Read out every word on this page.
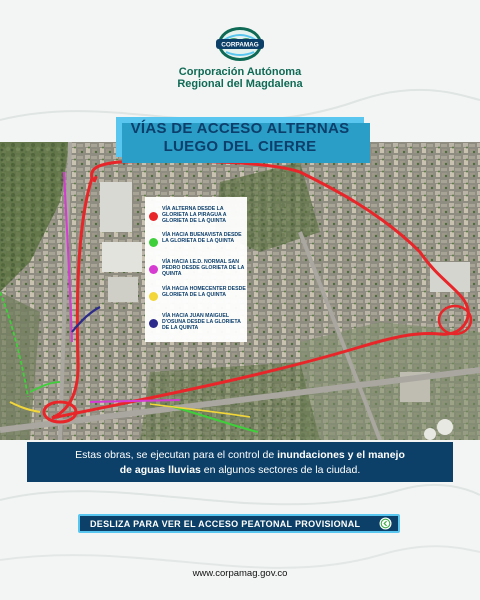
CORPAMAG
Corporación Autónoma
Regional del Magdalena
VÍAS DE ACCESO ALTERNAS
LUEGO DEL CIERRE
VÍA ALTERNA DESDE LA GLORIETA LA PIRAGUA A GLORIETA DE LA QUINTA
VÍA HACIA BUENAVISTA DESDE LA GLORIETA DE LA QUINTA
VÍA HACIA I.E.D. NORMAL SAN PEDRO DESDE GLORIETA DE LA QUINTA
VÍA HACIA HOMECENTER DESDE GLORIETA DE LA QUINTA
VÍA HACIA JUAN MAIGUEL D'OSUNA DESDE LA GLORIETA DE LA QUINTA
Estas obras, se ejecutan para el control de inundaciones y el manejo
de aguas lluvias en algunos sectores de la ciudad.
DESLIZA PARA VER EL ACCESO PEATONAL PROVISIONAL
www.corpamag.gov.co
